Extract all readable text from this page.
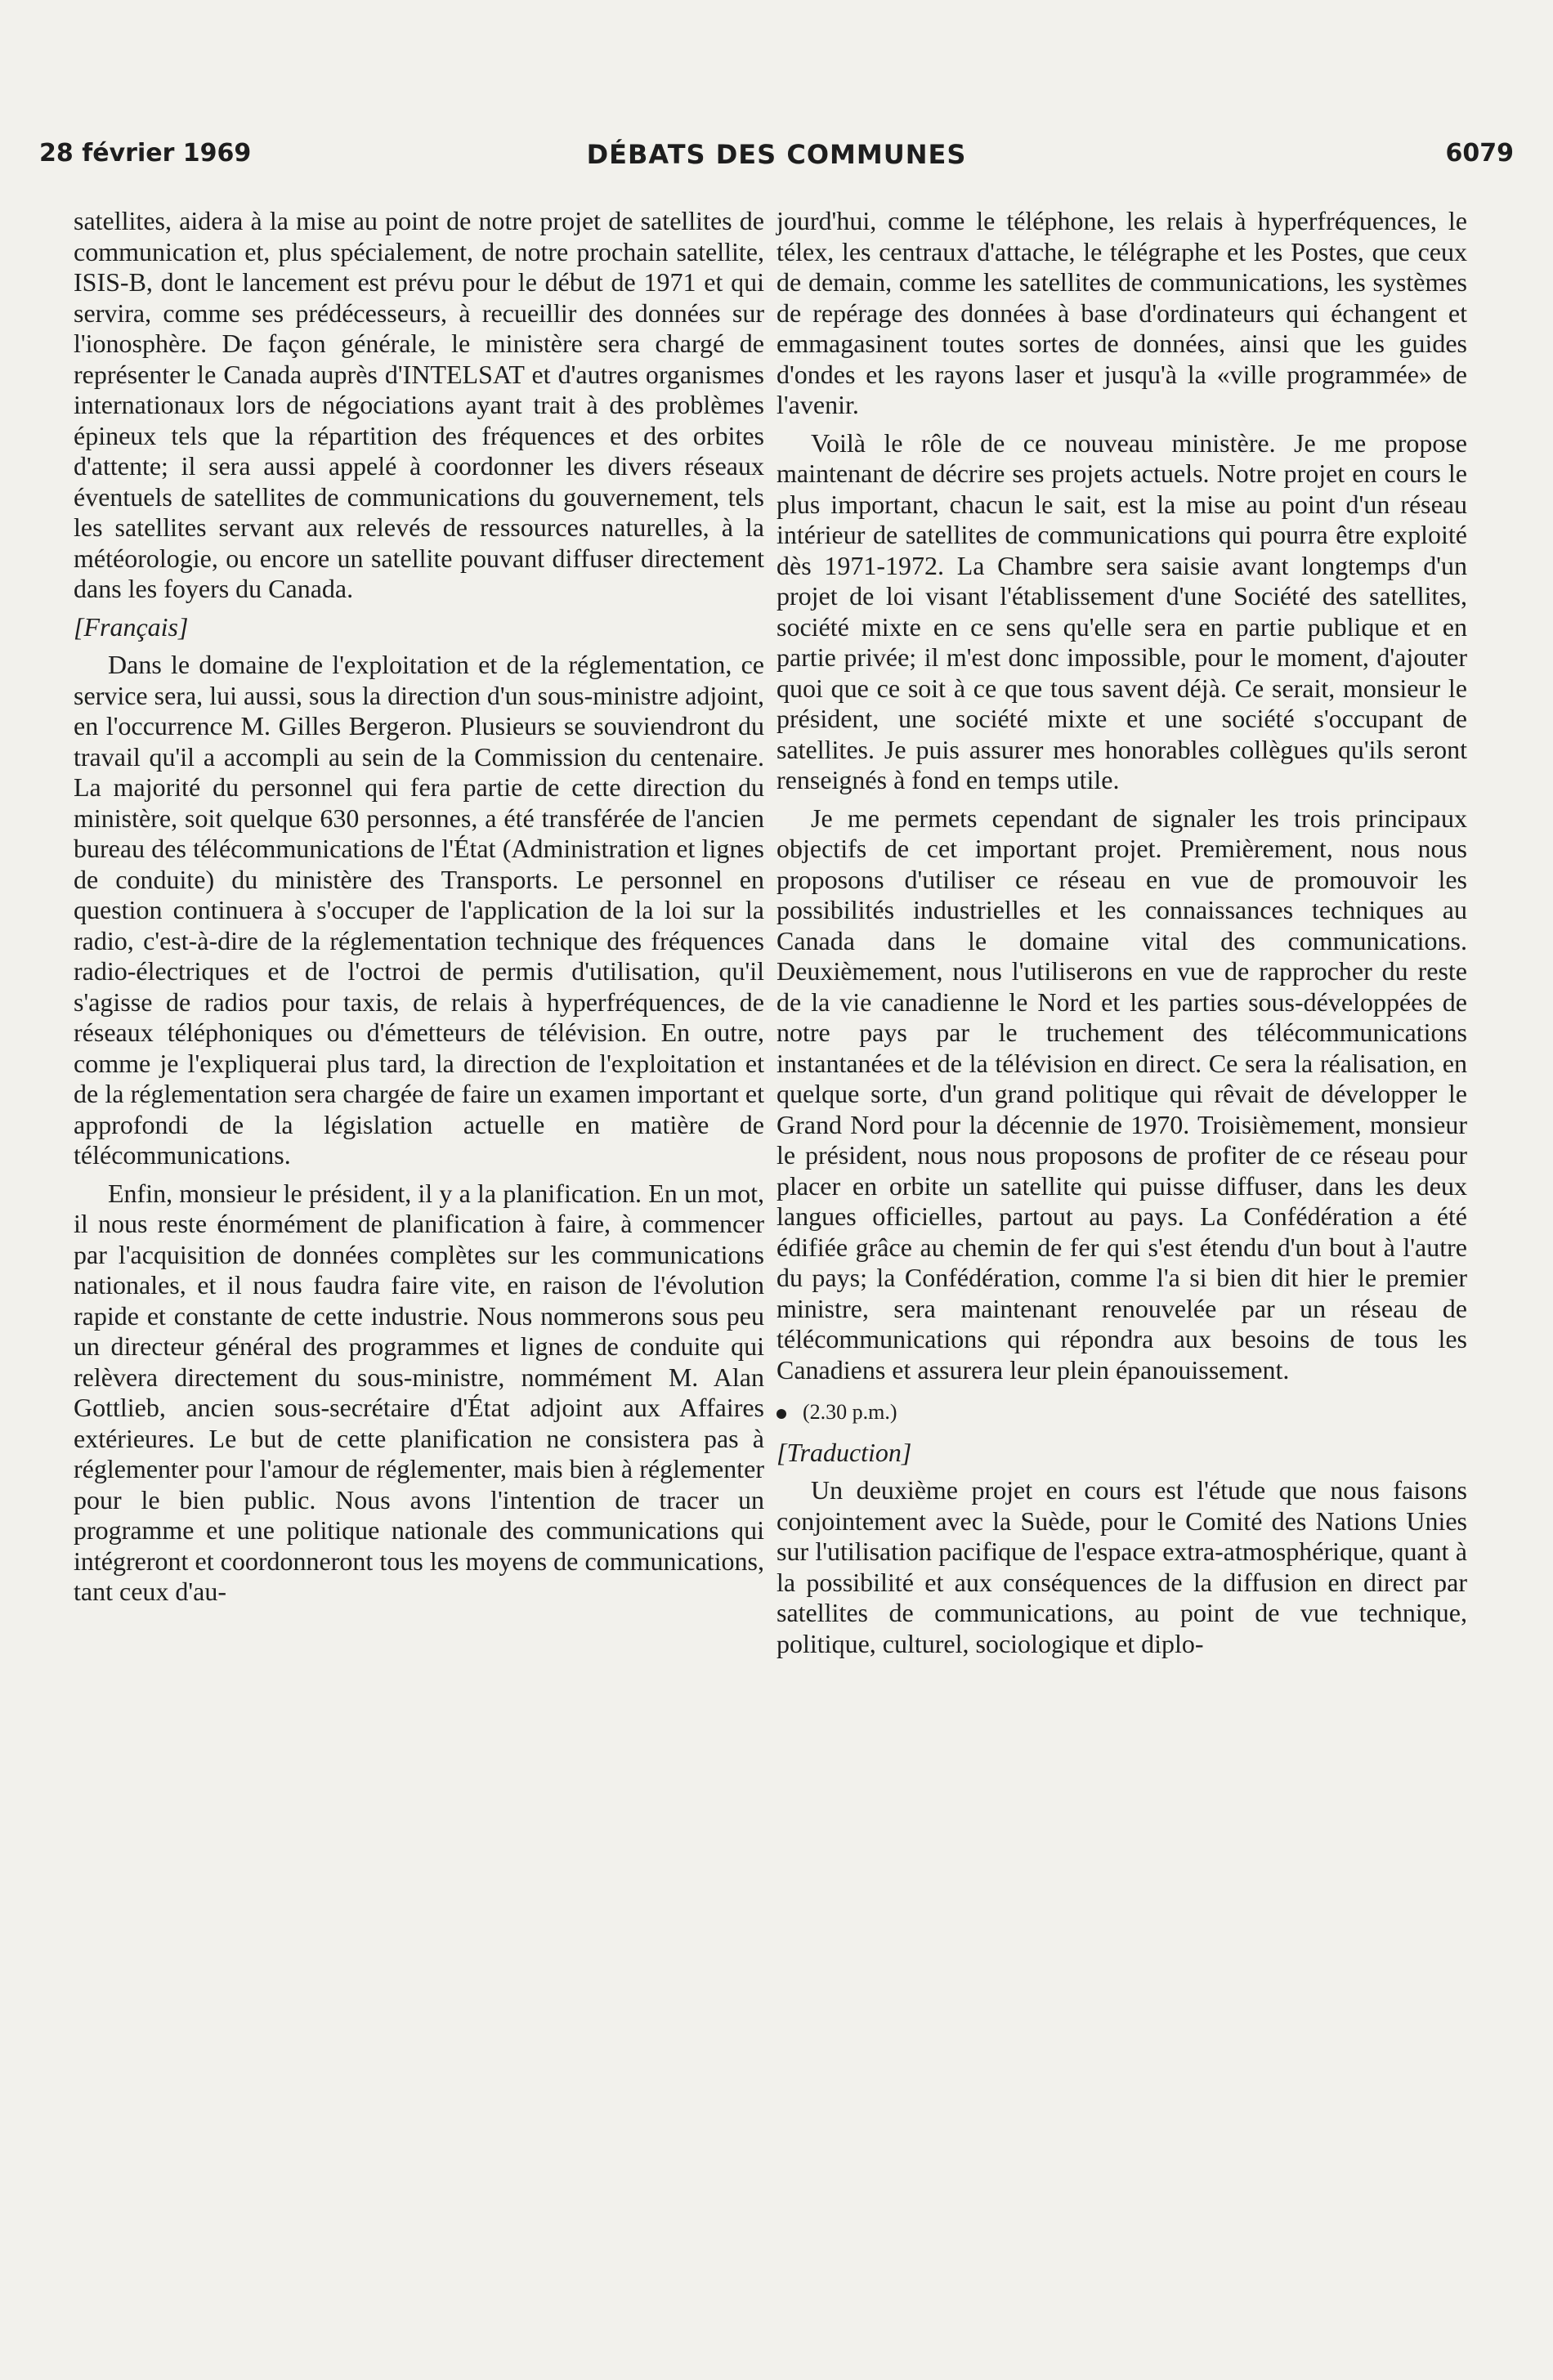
28 février 1969	DÉBATS DES COMMUNES	6079

satellites, aidera à la mise au point de notre projet de satellites de communication et, plus spécialement, de notre prochain satellite, ISIS-B, dont le lancement est prévu pour le début de 1971 et qui servira, comme ses prédécesseurs, à recueillir des données sur l'ionosphère. De façon générale, le ministère sera chargé de représenter le Canada auprès d'INTELSAT et d'autres organismes internationaux lors de négociations ayant trait à des problèmes épineux tels que la répartition des fréquences et des orbites d'attente; il sera aussi appelé à coordonner les divers réseaux éventuels de satellites de communications du gouvernement, tels les satellites servant aux relevés de ressources naturelles, à la météorologie, ou encore un satellite pouvant diffuser directement dans les foyers du Canada.

[Français]

Dans le domaine de l'exploitation et de la réglementation, ce service sera, lui aussi, sous la direction d'un sous-ministre adjoint, en l'occurrence M. Gilles Bergeron. Plusieurs se souviendront du travail qu'il a accompli au sein de la Commission du centenaire. La majorité du personnel qui fera partie de cette direction du ministère, soit quelque 630 personnes, a été transférée de l'ancien bureau des télécommunications de l'État (Administration et lignes de conduite) du ministère des Transports. Le personnel en question continuera à s'occuper de l'application de la loi sur la radio, c'est-à-dire de la réglementation technique des fréquences radio-électriques et de l'octroi de permis d'utilisation, qu'il s'agisse de radios pour taxis, de relais à hyperfréquences, de réseaux téléphoniques ou d'émetteurs de télévision. En outre, comme je l'expliquerai plus tard, la direction de l'exploitation et de la réglementation sera chargée de faire un examen important et approfondi de la législation actuelle en matière de télécommunications.

Enfin, monsieur le président, il y a la planification. En un mot, il nous reste énormément de planification à faire, à commencer par l'acquisition de données complètes sur les communications nationales, et il nous faudra faire vite, en raison de l'évolution rapide et constante de cette industrie. Nous nommerons sous peu un directeur général des programmes et lignes de conduite qui relèvera directement du sous-ministre, nommément M. Alan Gottlieb, ancien sous-secrétaire d'État adjoint aux Affaires extérieures. Le but de cette planification ne consistera pas à réglementer pour l'amour de réglementer, mais bien à réglementer pour le bien public. Nous avons l'intention de tracer un programme et une politique nationale des communications qui intégreront et coordonneront tous les moyens de communications, tant ceux d'au-

jourd'hui, comme le téléphone, les relais à hyperfréquences, le télex, les centraux d'attache, le télégraphe et les Postes, que ceux de demain, comme les satellites de communications, les systèmes de repérage des données à base d'ordinateurs qui échangent et emmagasinent toutes sortes de données, ainsi que les guides d'ondes et les rayons laser et jusqu'à la «ville programmée» de l'avenir.

Voilà le rôle de ce nouveau ministère. Je me propose maintenant de décrire ses projets actuels. Notre projet en cours le plus important, chacun le sait, est la mise au point d'un réseau intérieur de satellites de communications qui pourra être exploité dès 1971-1972. La Chambre sera saisie avant longtemps d'un projet de loi visant l'établissement d'une Société des satellites, société mixte en ce sens qu'elle sera en partie publique et en partie privée; il m'est donc impossible, pour le moment, d'ajouter quoi que ce soit à ce que tous savent déjà. Ce serait, monsieur le président, une société mixte et une société s'occupant de satellites. Je puis assurer mes honorables collègues qu'ils seront renseignés à fond en temps utile.

Je me permets cependant de signaler les trois principaux objectifs de cet important projet. Premièrement, nous nous proposons d'utiliser ce réseau en vue de promouvoir les possibilités industrielles et les connaissances techniques au Canada dans le domaine vital des communications. Deuxièmement, nous l'utiliserons en vue de rapprocher du reste de la vie canadienne le Nord et les parties sous-développées de notre pays par le truchement des télécommunications instantanées et de la télévision en direct. Ce sera la réalisation, en quelque sorte, d'un grand politique qui rêvait de développer le Grand Nord pour la décennie de 1970. Troisièmement, monsieur le président, nous nous proposons de profiter de ce réseau pour placer en orbite un satellite qui puisse diffuser, dans les deux langues officielles, partout au pays. La Confédération a été édifiée grâce au chemin de fer qui s'est étendu d'un bout à l'autre du pays; la Confédération, comme l'a si bien dit hier le premier ministre, sera maintenant renouvelée par un réseau de télécommunications qui répondra aux besoins de tous les Canadiens et assurera leur plein épanouissement.

(2.30 p.m.)

[Traduction]

Un deuxième projet en cours est l'étude que nous faisons conjointement avec la Suède, pour le Comité des Nations Unies sur l'utilisation pacifique de l'espace extra-atmosphérique, quant à la possibilité et aux conséquences de la diffusion en direct par satellites de communications, au point de vue technique, politique, culturel, sociologique et diplo-
